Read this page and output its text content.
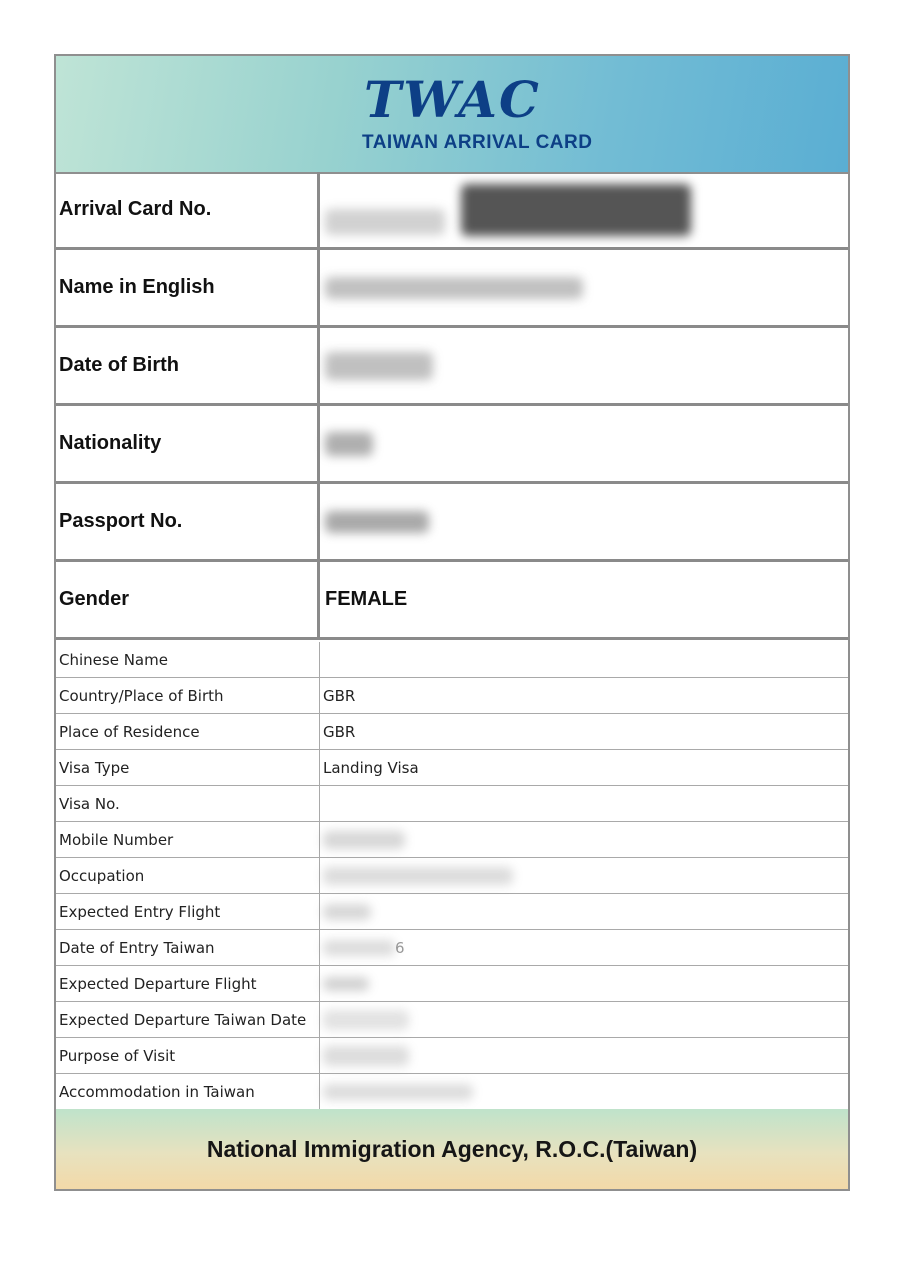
TWAC
TAIWAN ARRIVAL CARD
Arrival Card No.
Name in English
Date of Birth
Nationality
Passport No.
Gender	FEMALE
Chinese Name
Country/Place of Birth	GBR
Place of Residence	GBR
Visa Type	Landing Visa
Visa No.
Mobile Number
Occupation
Expected Entry Flight
Date of Entry Taiwan	6
Expected Departure Flight
Expected Departure Taiwan Date
Purpose of Visit
Accommodation in Taiwan
National Immigration Agency, R.O.C.(Taiwan)
